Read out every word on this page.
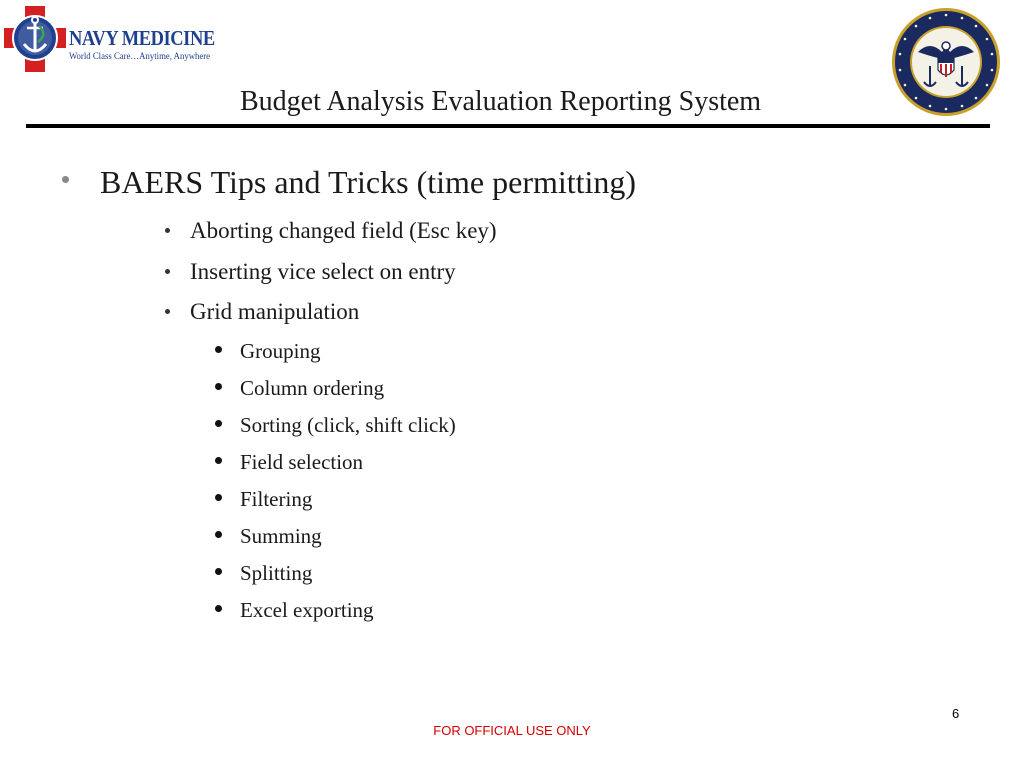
NAVY MEDICINE
World Class Care…Anytime, Anywhere
Budget Analysis Evaluation Reporting System
BAERS Tips and Tricks (time permitting)
Aborting changed field (Esc key)
Inserting vice select on entry
Grid manipulation
Grouping
Column ordering
Sorting (click, shift click)
Field selection
Filtering
Summing
Splitting
Excel exporting
6
FOR OFFICIAL USE ONLY
